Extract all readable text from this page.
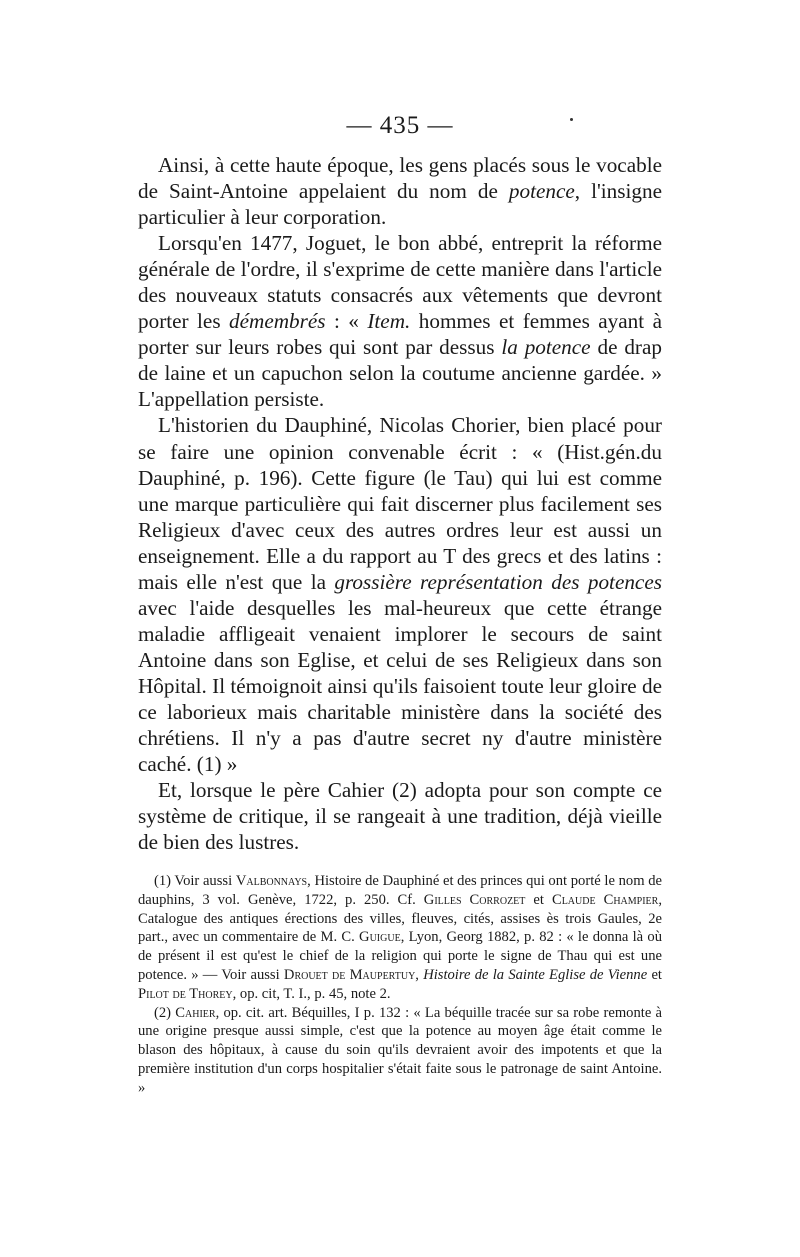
— 435 —

Ainsi, à cette haute époque, les gens placés sous le vocable de Saint-Antoine appelaient du nom de potence, l'insigne particulier à leur corporation.

Lorsqu'en 1477, Joguet, le bon abbé, entreprit la réforme générale de l'ordre, il s'exprime de cette manière dans l'article des nouveaux statuts consacrés aux vêtements que devront porter les démembrés : « Item. hommes et femmes ayant à porter sur leurs robes qui sont par dessus la potence de drap de laine et un capuchon selon la coutume ancienne gardée. » L'appellation persiste.

L'historien du Dauphiné, Nicolas Chorier, bien placé pour se faire une opinion convenable écrit : « (Hist.gén.du Dauphiné, p. 196). Cette figure (le Tau) qui lui est comme une marque particulière qui fait discerner plus facilement ses Religieux d'avec ceux des autres ordres leur est aussi un enseignement. Elle a du rapport au T des grecs et des latins : mais elle n'est que la grossière représentation des potences avec l'aide desquelles les mal-heureux que cette étrange maladie affligeait venaient implorer le secours de saint Antoine dans son Eglise, et celui de ses Religieux dans son Hôpital. Il témoignoit ainsi qu'ils faisoient toute leur gloire de ce laborieux mais charitable ministère dans la société des chrétiens. Il n'y a pas d'autre secret ny d'autre ministère caché. (1) »

Et, lorsque le père Cahier (2) adopta pour son compte ce système de critique, il se rangeait à une tradition, déjà vieille de bien des lustres.

(1) Voir aussi Valbonnays, Histoire de Dauphiné et des princes qui ont porté le nom de dauphins, 3 vol. Genève, 1722, p. 250. Cf. Gilles Corrozet et Claude Champier, Catalogue des antiques érections des villes, fleuves, cités, assises ès trois Gaules, 2e part., avec un commentaire de M. C. Guigue, Lyon, Georg 1882, p. 82 : « le donna là où de présent il est qu'est le chief de la religion qui porte le signe de Thau qui est une potence. » — Voir aussi Drouet de Maupertuy, Histoire de la Sainte Eglise de Vienne et Pilot de Thorey, op. cit, T. I., p. 45, note 2.

(2) Cahier, op. cit. art. Béquilles, I p. 132 : « La béquille tracée sur sa robe remonte à une origine presque aussi simple, c'est que la potence au moyen âge était comme le blason des hôpitaux, à cause du soin qu'ils devraient avoir des impotents et que la première institution d'un corps hospitalier s'était faite sous le patronage de saint Antoine. »
